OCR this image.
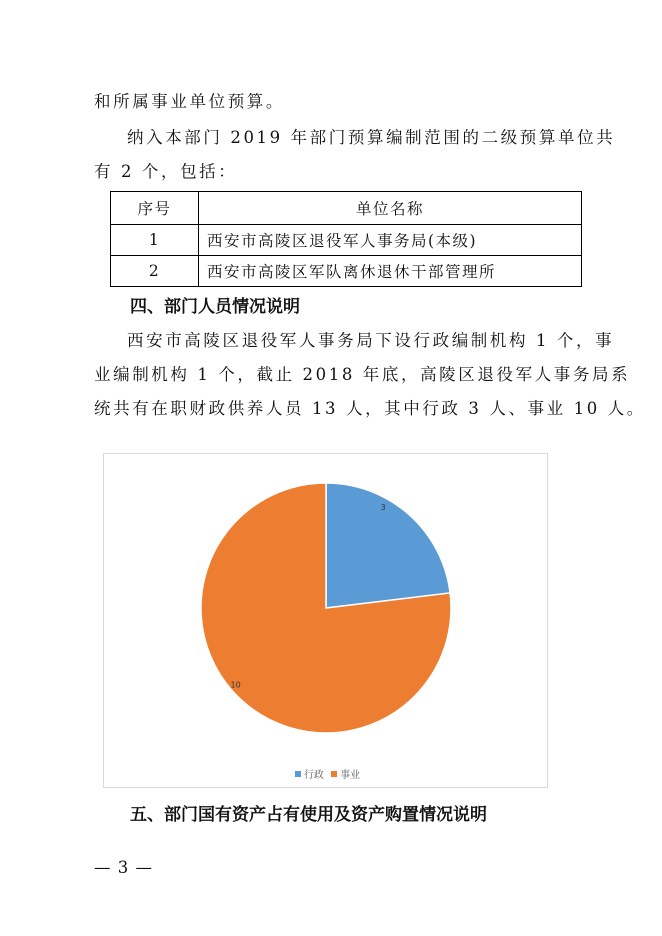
和所属事业单位预算。
纳入本部门 2019 年部门预算编制范围的二级预算单位共
有 2 个，包括：
序号	单位名称
1	西安市高陵区退役军人事务局(本级)
2	西安市高陵区军队离休退休干部管理所
四、部门人员情况说明
西安市高陵区退役军人事务局下设行政编制机构 1 个，事
业编制机构 1 个，截止 2018 年底，高陵区退役军人事务局系
统共有在职财政供养人员 13 人，其中行政 3 人、事业 10 人。
3
10
行政 事业
五、部门国有资产占有使用及资产购置情况说明
— 3 —
